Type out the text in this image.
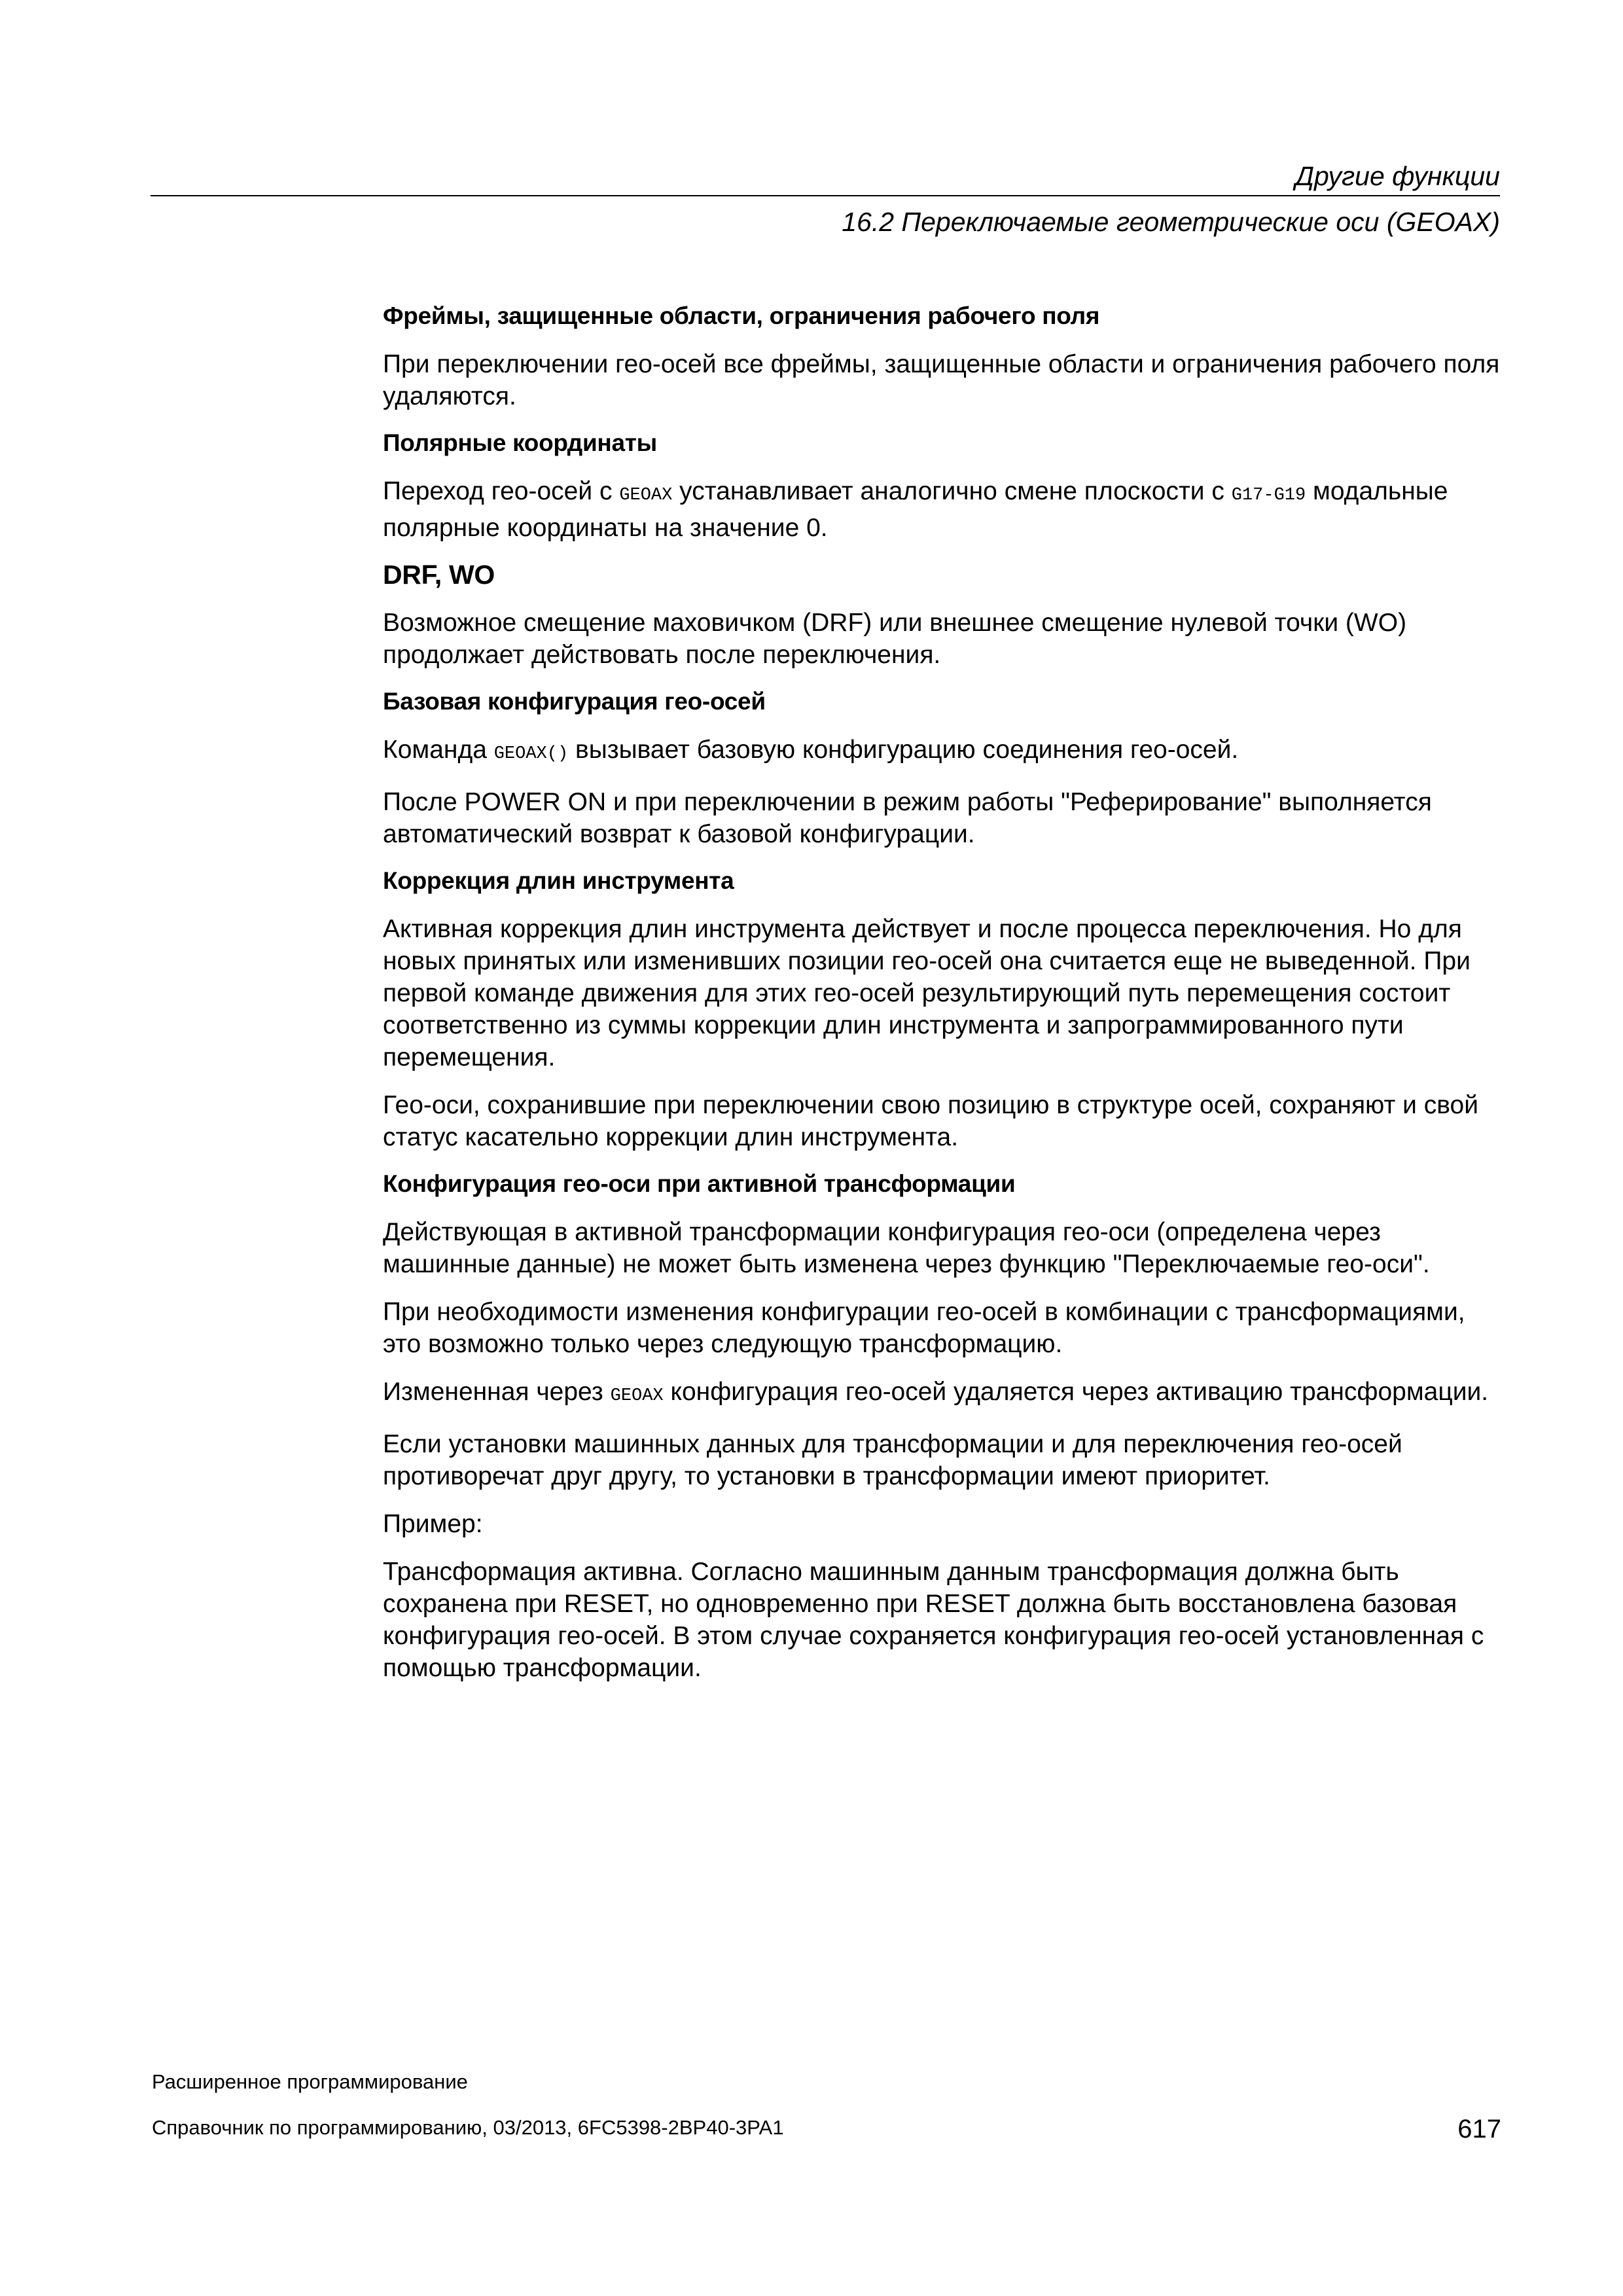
Другие функции
16.2 Переключаемые геометрические оси (GEOAX)
Фреймы, защищенные области, ограничения рабочего поля

При переключении гео-осей все фреймы, защищенные области и ограничения рабочего поля удаляются.

Полярные координаты

Переход гео-осей с GEOAX устанавливает аналогично смене плоскости с G17-G19 модальные полярные координаты на значение 0.

DRF, WO

Возможное смещение маховичком (DRF) или внешнее смещение нулевой точки (WO) продолжает действовать после переключения.

Базовая конфигурация гео-осей

Команда GEOAX() вызывает базовую конфигурацию соединения гео-осей.

После POWER ON и при переключении в режим работы "Реферирование" выполняется автоматический возврат к базовой конфигурации.

Коррекция длин инструмента

Активная коррекция длин инструмента действует и после процесса переключения. Но для новых принятых или изменивших позиции гео-осей она считается еще не выведенной. При первой команде движения для этих гео-осей результирующий путь перемещения состоит соответственно из суммы коррекции длин инструмента и запрограммированного пути перемещения.

Гео-оси, сохранившие при переключении свою позицию в структуре осей, сохраняют и свой статус касательно коррекции длин инструмента.

Конфигурация гео-оси при активной трансформации

Действующая в активной трансформации конфигурация гео-оси (определена через машинные данные) не может быть изменена через функцию "Переключаемые гео-оси".

При необходимости изменения конфигурации гео-осей в комбинации с трансформациями, это возможно только через следующую трансформацию.

Измененная через GEOAX конфигурация гео-осей удаляется через активацию трансформации.

Если установки машинных данных для трансформации и для переключения гео-осей противоречат друг другу, то установки в трансформации имеют приоритет.

Пример:

Трансформация активна. Согласно машинным данным трансформация должна быть сохранена при RESET, но одновременно при RESET должна быть восстановлена базовая конфигурация гео-осей. В этом случае сохраняется конфигурация гео-осей установленная с помощью трансформации.

Расширенное программирование
Справочник по программированию, 03/2013, 6FC5398-2BP40-3PA1	617
